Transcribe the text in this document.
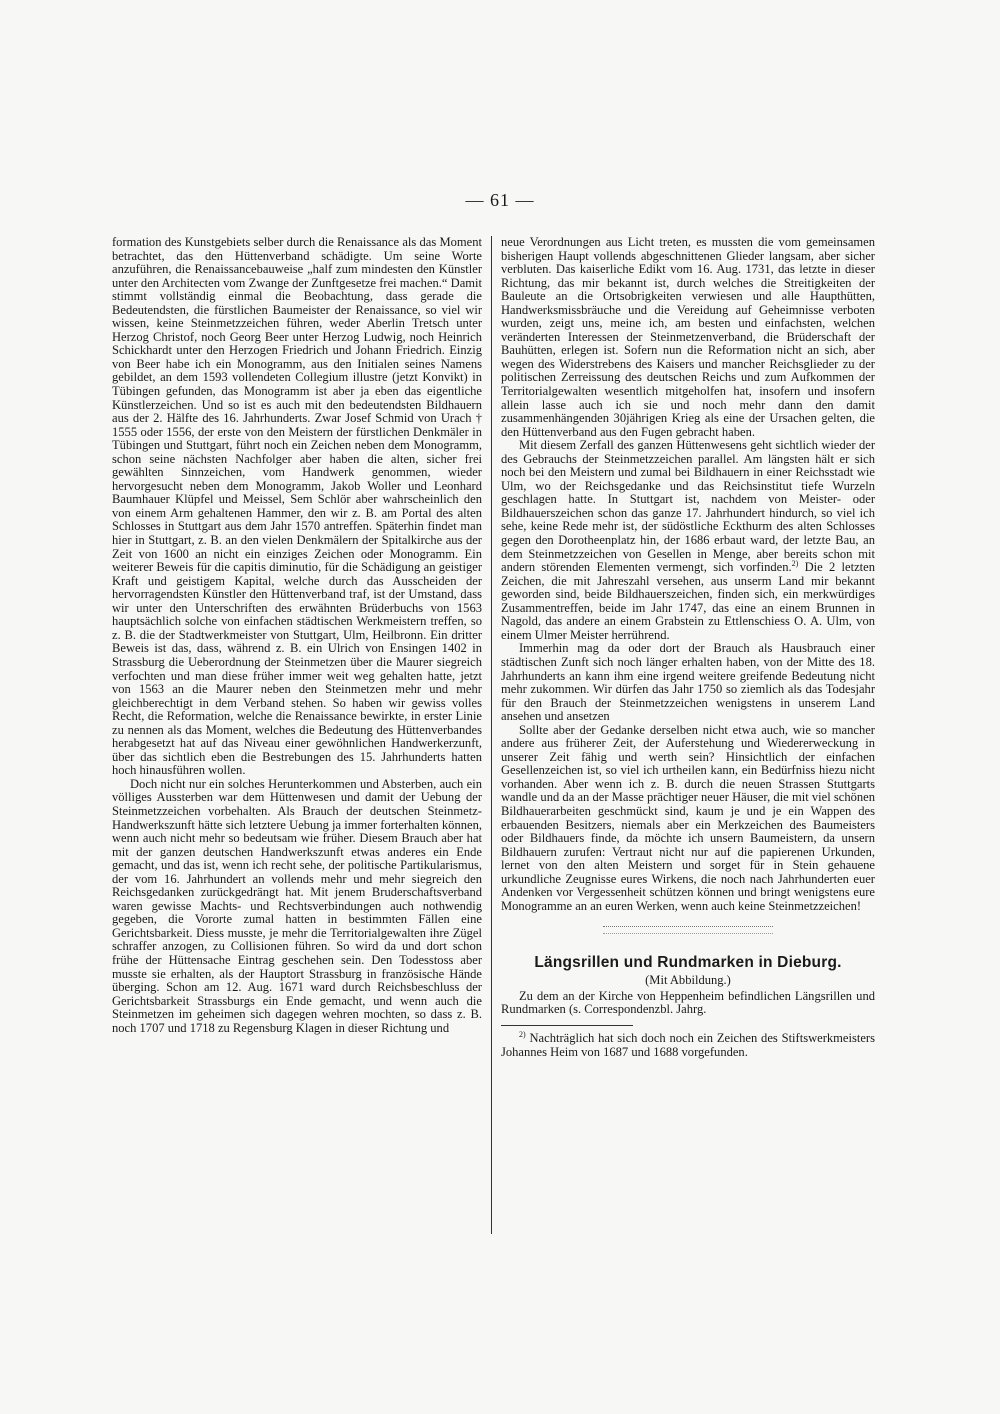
— 61 —

formation des Kunstgebiets selber durch die Renaissance als das Moment betrachtet, das den Hüttenverband schädigte. Um seine Worte anzuführen, die Renaissancebauweise „half zum mindesten den Künstler unter den Architecten vom Zwange der Zunftgesetze frei machen.“ Damit stimmt vollständig einmal die Beobachtung, dass gerade die Bedeutendsten, die fürstlichen Baumeister der Renaissance, so viel wir wissen, keine Steinmetzzeichen führen, weder Aberlin Tretsch unter Herzog Christof, noch Georg Beer unter Herzog Ludwig, noch Heinrich Schickhardt unter den Herzogen Friedrich und Johann Friedrich. Einzig von Beer habe ich ein Monogramm, aus den Initialen seines Namens gebildet, an dem 1593 vollendeten Collegium illustre (jetzt Konvikt) in Tübingen gefunden, das Monogramm ist aber ja eben das eigentliche Künstlerzeichen. Und so ist es auch mit den bedeutendsten Bildhauern aus der 2. Hälfte des 16. Jahrhunderts. Zwar Josef Schmid von Urach † 1555 oder 1556, der erste von den Meistern der fürstlichen Denkmäler in Tübingen und Stuttgart, führt noch ein Zeichen neben dem Monogramm, schon seine nächsten Nachfolger aber haben die alten, sicher frei gewählten Sinnzeichen, vom Handwerk genommen, wieder hervorgesucht neben dem Monogramm, Jakob Woller und Leonhard Baumhauer Klüpfel und Meissel, Sem Schlör aber wahrscheinlich den von einem Arm gehaltenen Hammer, den wir z. B. am Portal des alten Schlosses in Stuttgart aus dem Jahr 1570 antreffen. Späterhin findet man hier in Stuttgart, z. B. an den vielen Denkmälern der Spitalkirche aus der Zeit von 1600 an nicht ein einziges Zeichen oder Monogramm. Ein weiterer Beweis für die capitis diminutio, für die Schädigung an geistiger Kraft und geistigem Kapital, welche durch das Ausscheiden der hervorragendsten Künstler den Hüttenverband traf, ist der Umstand, dass wir unter den Unterschriften des erwähnten Brüderbuchs von 1563 hauptsächlich solche von einfachen städtischen Werkmeistern treffen, so z. B. die der Stadtwerkmeister von Stuttgart, Ulm, Heilbronn. Ein dritter Beweis ist das, dass, während z. B. ein Ulrich von Ensingen 1402 in Strassburg die Ueberordnung der Steinmetzen über die Maurer siegreich verfochten und man diese früher immer weit weg gehalten hatte, jetzt von 1563 an die Maurer neben den Steinmetzen mehr und mehr gleichberechtigt in dem Verband stehen. So haben wir gewiss volles Recht, die Reformation, welche die Renaissance bewirkte, in erster Linie zu nennen als das Moment, welches die Bedeutung des Hüttenverbandes herabgesetzt hat auf das Niveau einer gewöhnlichen Handwerkerzunft, über das sichtlich eben die Bestrebungen des 15. Jahrhunderts hatten hoch hinausführen wollen.

Doch nicht nur ein solches Herunterkommen und Absterben, auch ein völliges Aussterben war dem Hüttenwesen und damit der Uebung der Steinmetzzeichen vorbehalten. Als Brauch der deutschen Steinmetz-Handwerkszunft hätte sich letztere Uebung ja immer forterhalten können, wenn auch nicht mehr so bedeutsam wie früher. Diesem Brauch aber hat mit der ganzen deutschen Handwerkszunft etwas anderes ein Ende gemacht, und das ist, wenn ich recht sehe, der politische Partikularismus, der vom 16. Jahrhundert an vollends mehr und mehr siegreich den Reichsgedanken zurückgedrängt hat. Mit jenem Bruderschaftsverband waren gewisse Machts- und Rechtsverbindungen auch nothwendig gegeben, die Vororte zumal hatten in bestimmten Fällen eine Gerichtsbarkeit. Diess musste, je mehr die Territorialgewalten ihre Zügel schraffer anzogen, zu Collisionen führen. So wird da und dort schon frühe der Hüttensache Eintrag geschehen sein. Den Todesstoss aber musste sie erhalten, als der Hauptort Strassburg in französische Hände überging. Schon am 12. Aug. 1671 ward durch Reichsbeschluss der Gerichtsbarkeit Strassburgs ein Ende gemacht, und wenn auch die Steinmetzen im geheimen sich dagegen wehren mochten, so dass z. B. noch 1707 und 1718 zu Regensburg Klagen in dieser Richtung und

neue Verordnungen aus Licht treten, es mussten die vom gemeinsamen bisherigen Haupt vollends abgeschnittenen Glieder langsam, aber sicher verbluten. Das kaiserliche Edikt vom 16. Aug. 1731, das letzte in dieser Richtung, das mir bekannt ist, durch welches die Streitigkeiten der Bauleute an die Ortsobrigkeiten verwiesen und alle Haupthütten, Handwerksmissbräuche und die Vereidung auf Geheimnisse verboten wurden, zeigt uns, meine ich, am besten und einfachsten, welchen veränderten Interessen der Steinmetzenverband, die Brüderschaft der Bauhütten, erlegen ist. Sofern nun die Reformation nicht an sich, aber wegen des Widerstrebens des Kaisers und mancher Reichsglieder zu der politischen Zerreissung des deutschen Reichs und zum Aufkommen der Territorialgewalten wesentlich mitgeholfen hat, insofern und insofern allein lasse auch ich sie und noch mehr dann den damit zusammenhängenden 30jährigen Krieg als eine der Ursachen gelten, die den Hüttenverband aus den Fugen gebracht haben.

Mit diesem Zerfall des ganzen Hüttenwesens geht sichtlich wieder der des Gebrauchs der Steinmetzzeichen parallel. Am längsten hält er sich noch bei den Meistern und zumal bei Bildhauern in einer Reichsstadt wie Ulm, wo der Reichsgedanke und das Reichsinstitut tiefe Wurzeln geschlagen hatte. In Stuttgart ist, nachdem von Meister- oder Bildhauerszeichen schon das ganze 17. Jahrhundert hindurch, so viel ich sehe, keine Rede mehr ist, der südöstliche Eckthurm des alten Schlosses gegen den Dorotheenplatz hin, der 1686 erbaut ward, der letzte Bau, an dem Steinmetzzeichen von Gesellen in Menge, aber bereits schon mit andern störenden Elementen vermengt, sich vorfinden.$^{2)}$ Die 2 letzten Zeichen, die mit Jahreszahl versehen, aus unserm Land mir bekannt geworden sind, beide Bildhauerszeichen, finden sich, ein merkwürdiges Zusammentreffen, beide im Jahr 1747, das eine an einem Brunnen in Nagold, das andere an einem Grabstein zu Ettlenschiess O. A. Ulm, von einem Ulmer Meister herrührend.

Immerhin mag da oder dort der Brauch als Hausbrauch einer städtischen Zunft sich noch länger erhalten haben, von der Mitte des 18. Jahrhunderts an kann ihm eine irgend weitere greifende Bedeutung nicht mehr zukommen. Wir dürfen das Jahr 1750 so ziemlich als das Todesjahr für den Brauch der Steinmetzzeichen wenigstens in unserem Land ansehen und ansetzen

Sollte aber der Gedanke derselben nicht etwa auch, wie so mancher andere aus früherer Zeit, der Auferstehung und Wiedererweckung in unserer Zeit fähig und werth sein? Hinsichtlich der einfachen Gesellenzeichen ist, so viel ich urtheilen kann, ein Bedürfniss hiezu nicht vorhanden. Aber wenn ich z. B. durch die neuen Strassen Stuttgarts wandle und da an der Masse prächtiger neuer Häuser, die mit viel schönen Bildhauerarbeiten geschmückt sind, kaum je und je ein Wappen des erbauenden Besitzers, niemals aber ein Merkzeichen des Baumeisters oder Bildhauers finde, da möchte ich unsern Baumeistern, da unsern Bildhauern zurufen: Vertraut nicht nur auf die papierenen Urkunden, lernet von den alten Meistern und sorget für in Stein gehauene urkundliche Zeugnisse eures Wirkens, die noch nach Jahrhunderten euer Andenken vor Vergessenheit schützen können und bringt wenigstens eure Monogramme an an euren Werken, wenn auch keine Steinmetzzeichen!

Längsrillen und Rundmarken in Dieburg.
(Mit Abbildung.)

Zu dem an der Kirche von Heppenheim befindlichen Längsrillen und Rundmarken (s. Correspondenzbl. Jahrg.

$^{2)}$ Nachträglich hat sich doch noch ein Zeichen des Stiftswerkmeisters Johannes Heim von 1687 und 1688 vorgefunden.
